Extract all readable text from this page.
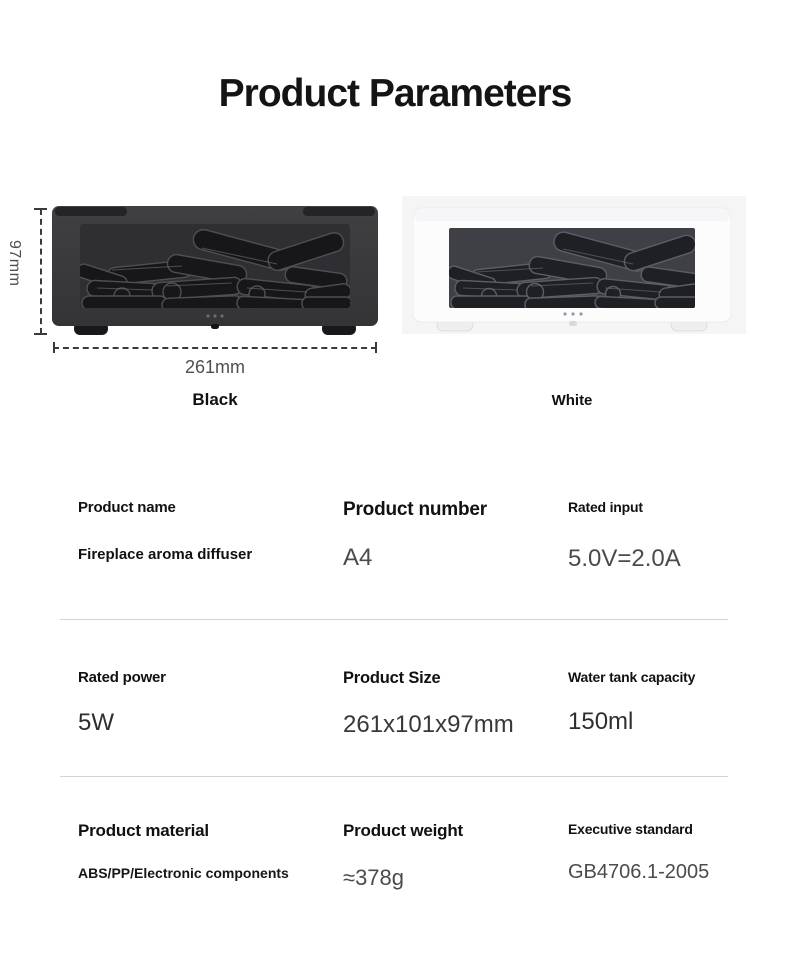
Product Parameters
97mm
261mm
Black	White
Product name
Fireplace aroma diffuser
Product number
A4
Rated input
5.0V=2.0A
Rated power
5W
Product Size
261x101x97mm
Water tank capacity
150ml
Product material
ABS/PP/Electronic components
Product weight
≈378g
Executive standard
GB4706.1-2005
